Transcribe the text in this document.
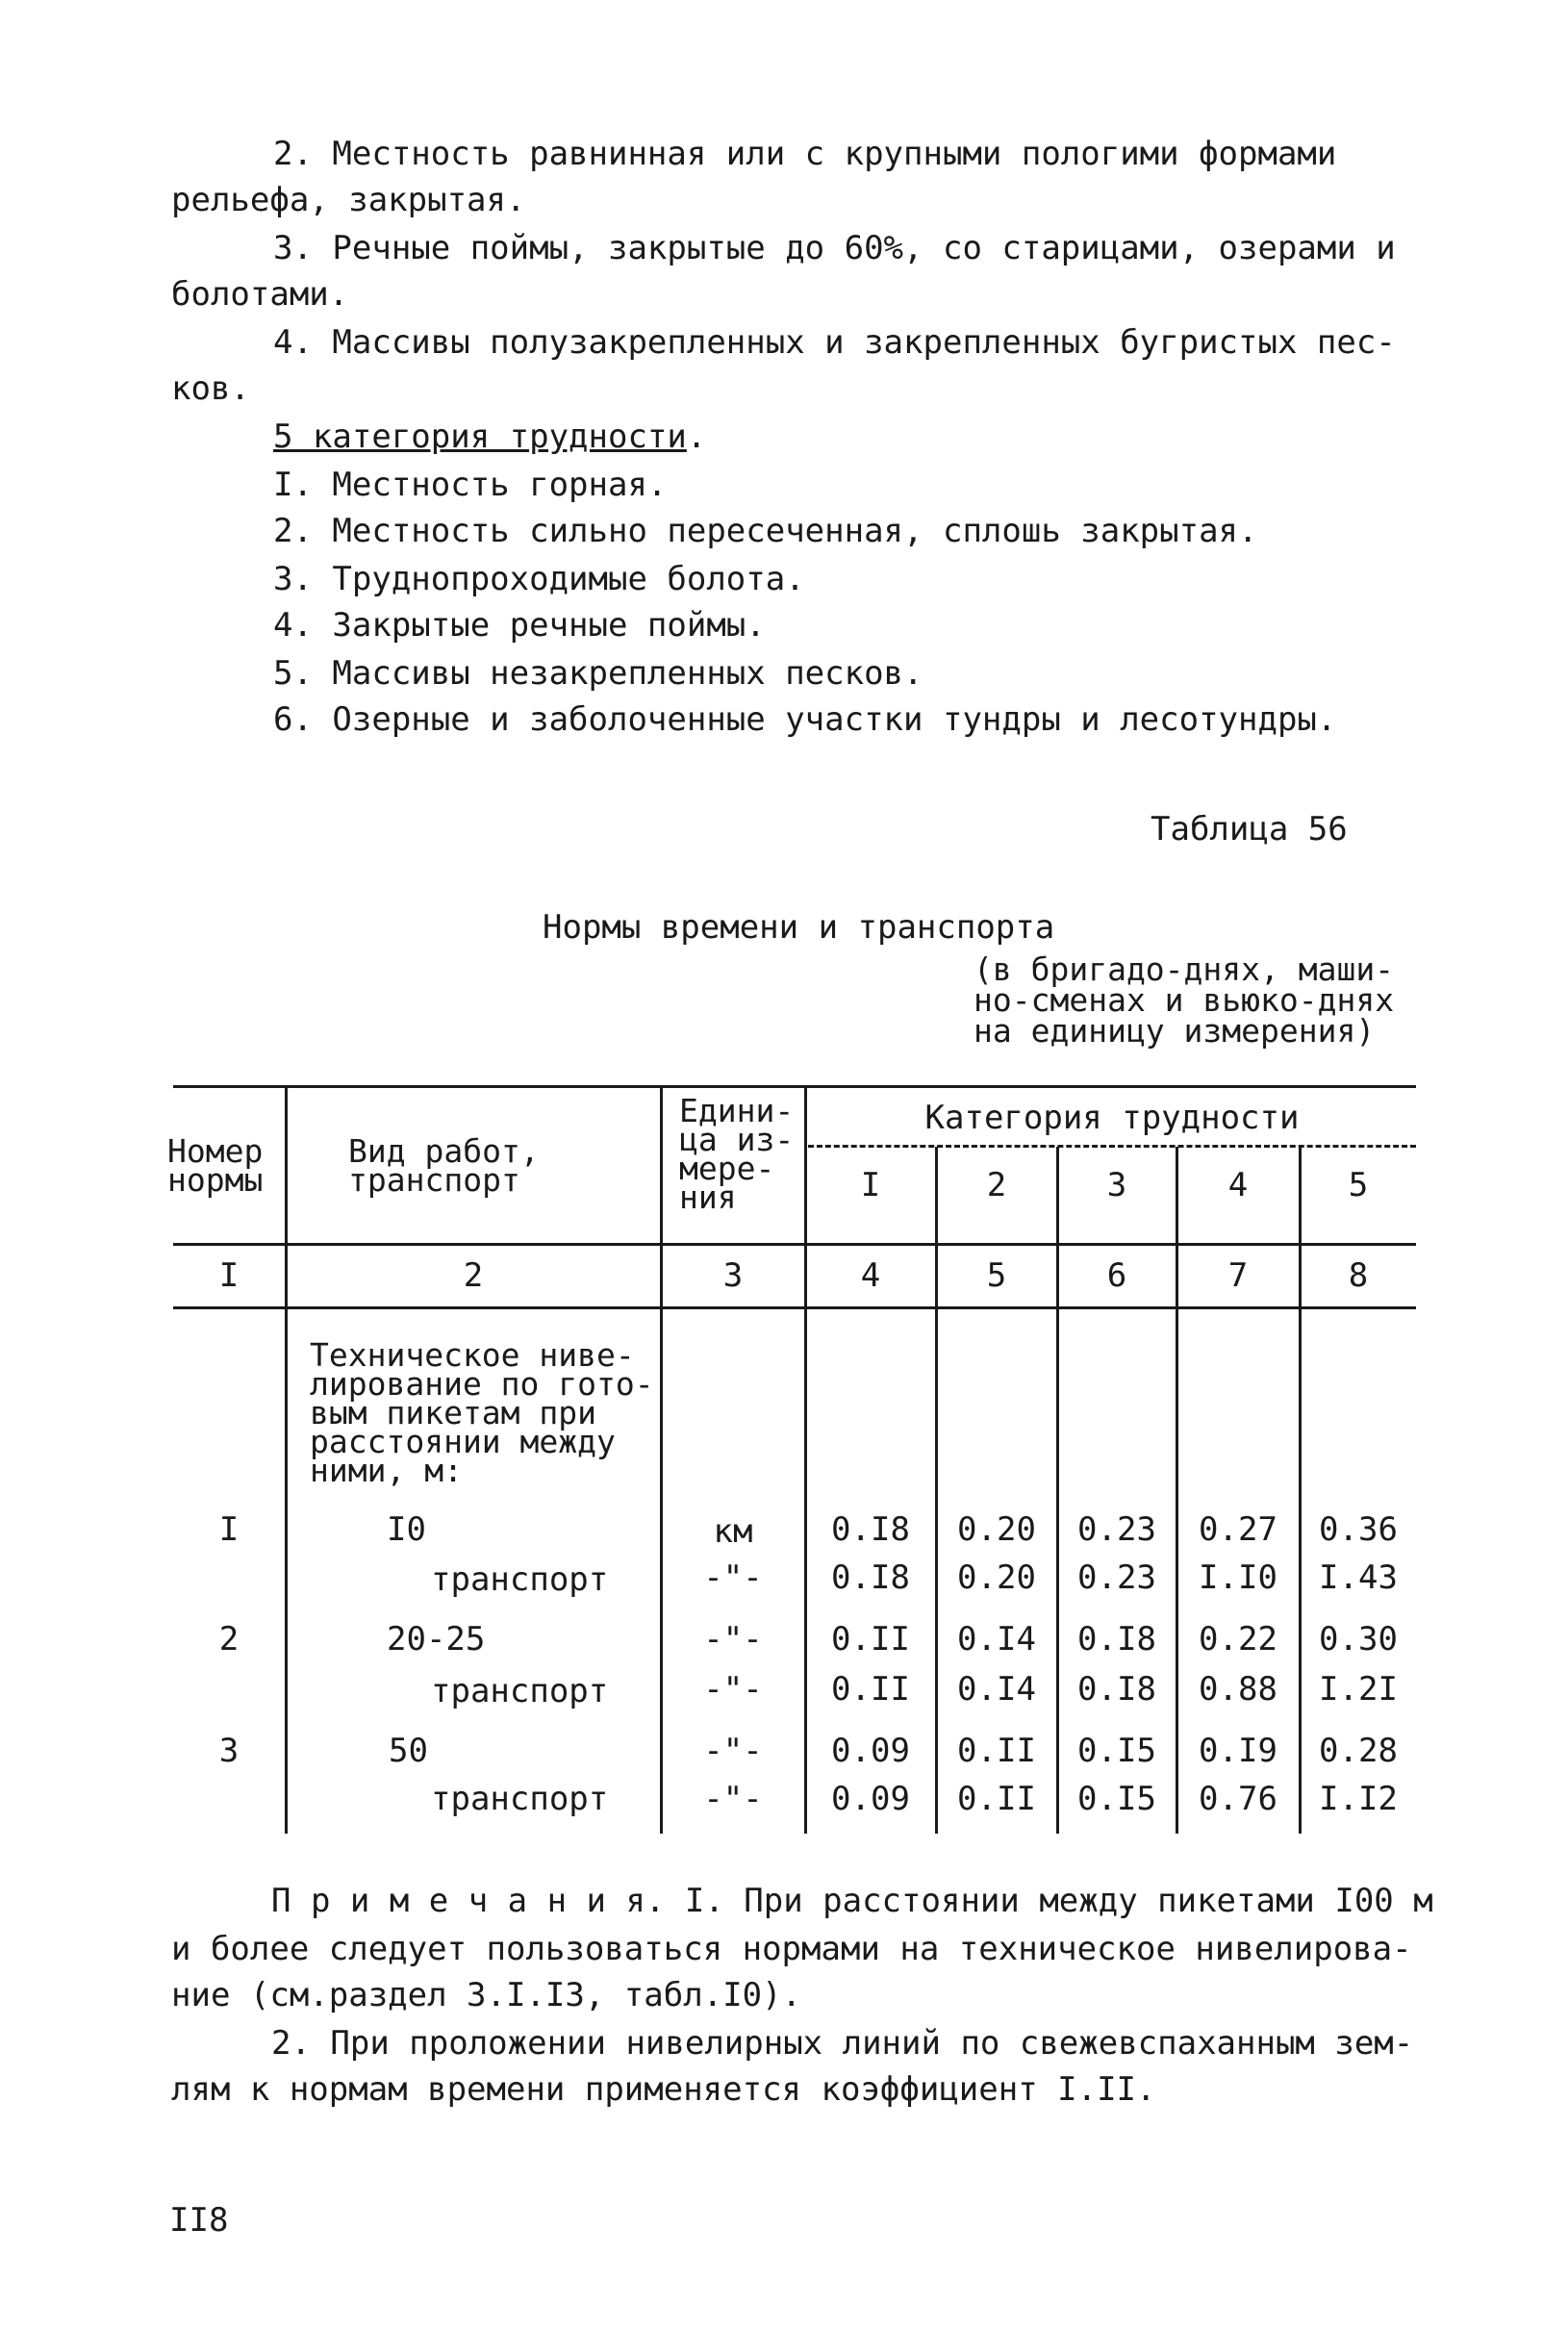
2. Местность равнинная или с крупными пологими формами
рельефа, закрытая.
3. Речные поймы, закрытые до 60%, со старицами, озерами и
болотами.
4. Массивы полузакрепленных и закрепленных бугристых пес-
ков.
5 категория трудности.
I. Местность горная.
2. Местность сильно пересеченная, сплошь закрытая.
3. Труднопроходимые болота.
4. Закрытые речные поймы.
5. Массивы незакрепленных песков.
6. Озерные и заболоченные участки тундры и лесотундры.
Таблица 56
Нормы времени и транспорта
(в бригадо-днях, маши-
но-сменах и вьюко-днях
на единицу измерения)
Номер
нормы
Вид работ,
транспорт
Едини-
ца из-
мере-
ния
Категория трудности
I	2	3	4	5
I	2	3	4	5	6	7	8
Техническое ниве-
лирование по гото-
вым пикетам при
расстоянии между
ними, м:
I	I0	км	0.I8	0.20	0.23	0.27	0.36
транспорт	-"-	0.I8	0.20	0.23	I.I0	I.43
2	20-25	-"-	0.II	0.I4	0.I8	0.22	0.30
транспорт	-"-	0.II	0.I4	0.I8	0.88	I.2I
3	50	-"-	0.09	0.II	0.I5	0.I9	0.28
транспорт	-"-	0.09	0.II	0.I5	0.76	I.I2
П р и м е ч а н и я. I. При расстоянии между пикетами I00 м
и более следует пользоваться нормами на техническое нивелирова-
ние (см.раздел 3.I.I3, табл.I0).
2. При проложении нивелирных линий по свежевспаханным зем-
лям к нормам времени применяется коэффициент I.II.
II8
